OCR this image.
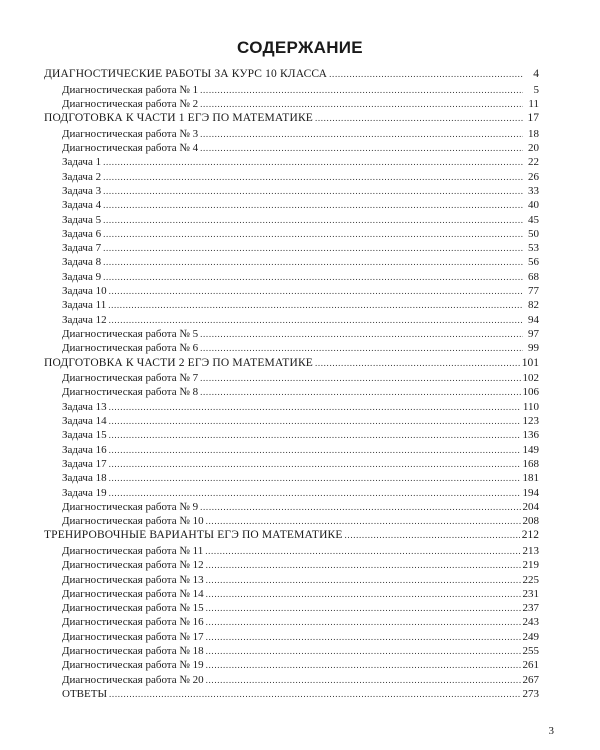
СОДЕРЖАНИЕ
ДИАГНОСТИЧЕСКИЕ РАБОТЫ ЗА КУРС 10 КЛАССА . . .	4
Диагностическая работа № 1 . . .	5
Диагностическая работа № 2 . . .	11
ПОДГОТОВКА К ЧАСТИ 1 ЕГЭ ПО МАТЕМАТИКЕ . . .	17
Диагностическая работа № 3 . . .	18
Диагностическая работа № 4 . . .	20
Задача 1 . . .	22
Задача 2 . . .	26
Задача 3 . . .	33
Задача 4 . . .	40
Задача 5 . . .	45
Задача 6 . . .	50
Задача 7 . . .	53
Задача 8 . . .	56
Задача 9 . . .	68
Задача 10 . . .	77
Задача 11 . . .	82
Задача 12 . . .	94
Диагностическая работа № 5 . . .	97
Диагностическая работа № 6 . . .	99
ПОДГОТОВКА К ЧАСТИ 2 ЕГЭ ПО МАТЕМАТИКЕ . . .	101
Диагностическая работа № 7 . . .	102
Диагностическая работа № 8 . . .	106
Задача 13 . . .	110
Задача 14 . . .	123
Задача 15 . . .	136
Задача 16 . . .	149
Задача 17 . . .	168
Задача 18 . . .	181
Задача 19 . . .	194
Диагностическая работа № 9 . . .	204
Диагностическая работа № 10 . . .	208
ТРЕНИРОВОЧНЫЕ ВАРИАНТЫ ЕГЭ ПО МАТЕМАТИКЕ . . .	212
Диагностическая работа № 11 . . .	213
Диагностическая работа № 12 . . .	219
Диагностическая работа № 13 . . .	225
Диагностическая работа № 14 . . .	231
Диагностическая работа № 15 . . .	237
Диагностическая работа № 16 . . .	243
Диагностическая работа № 17 . . .	249
Диагностическая работа № 18 . . .	255
Диагностическая работа № 19 . . .	261
Диагностическая работа № 20 . . .	267
ОТВЕТЫ . . .	273
3
